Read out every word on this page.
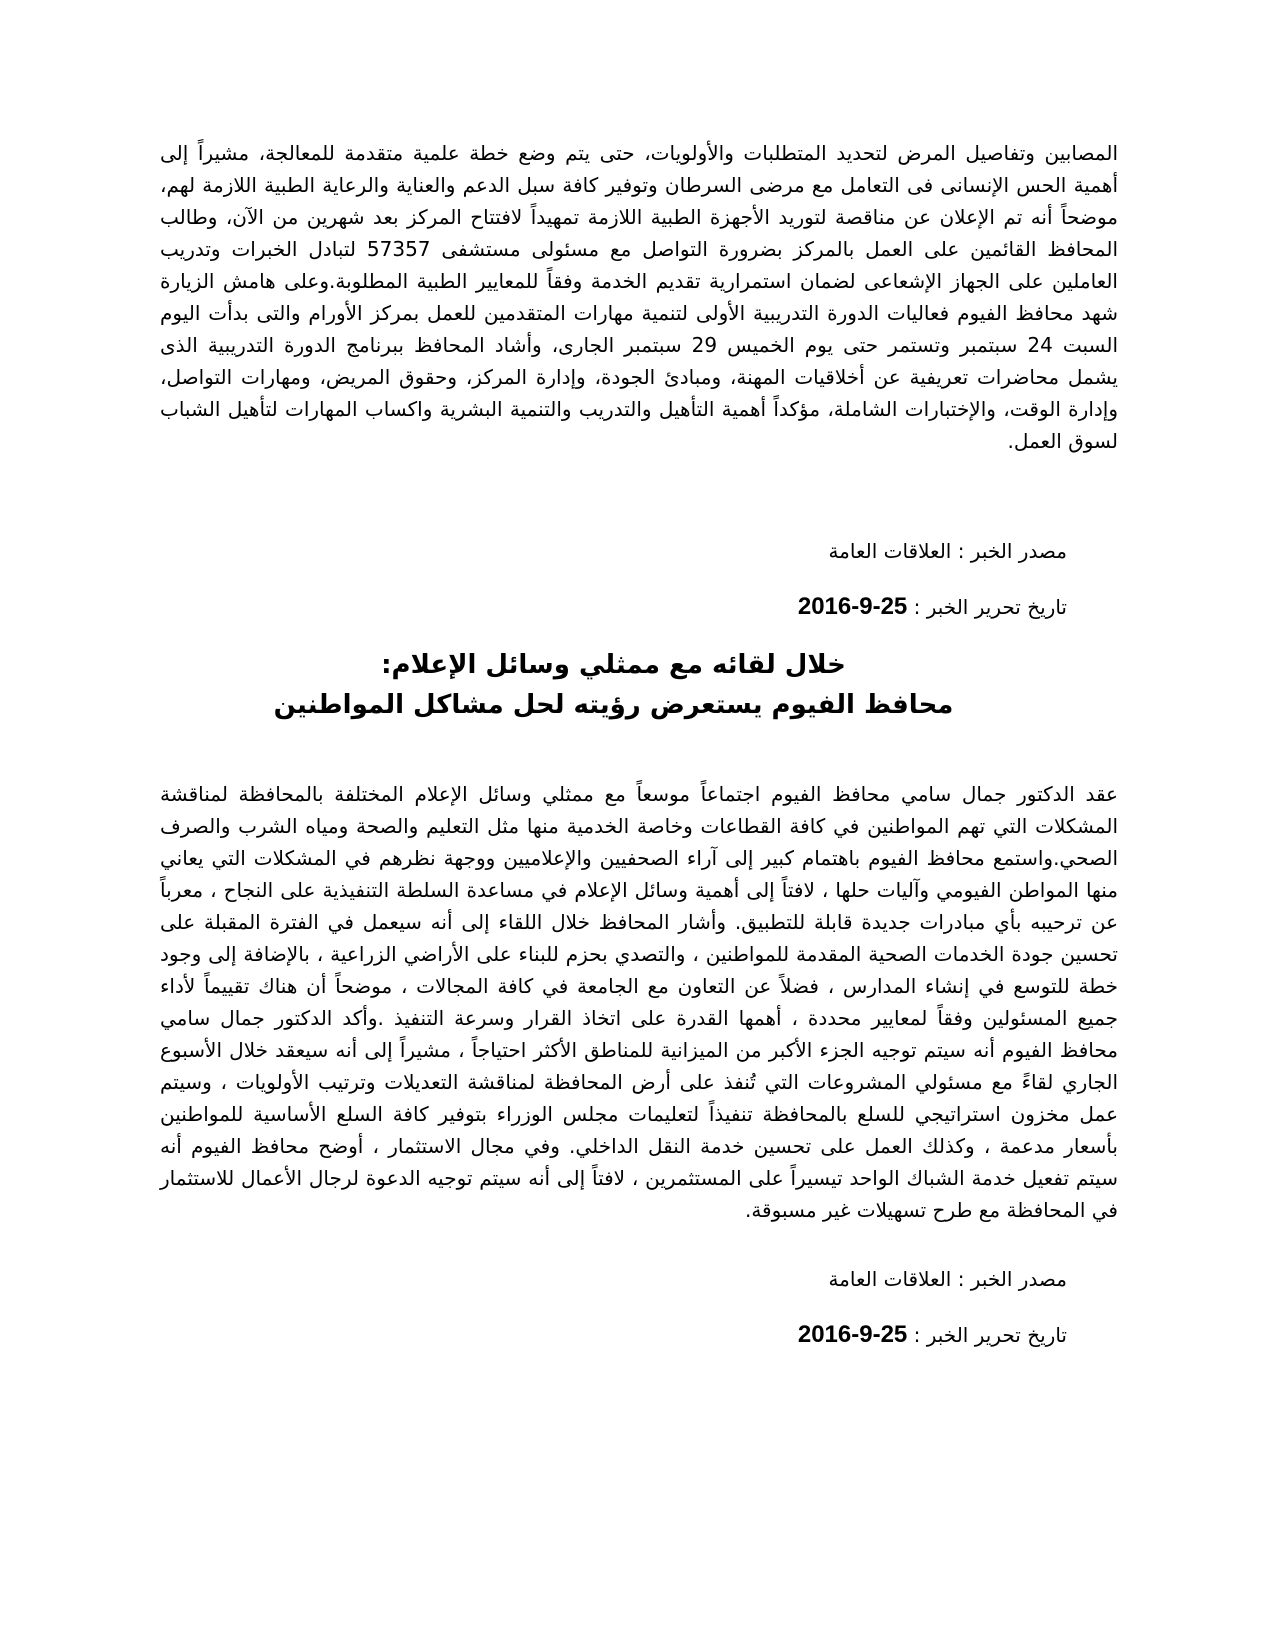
المصابين وتفاصيل المرض لتحديد المتطلبات والأولويات، حتى يتم وضع خطة علمية متقدمة للمعالجة، مشيراً إلى أهمية الحس الإنسانى فى التعامل مع مرضى السرطان وتوفير كافة سبل الدعم والعناية والرعاية الطبية اللازمة لهم، موضحاً أنه تم الإعلان عن مناقصة لتوريد الأجهزة الطبية اللازمة تمهيداً لافتتاح المركز بعد شهرين من الآن، وطالب المحافظ القائمين على العمل بالمركز بضرورة التواصل مع مسئولى مستشفى 57357 لتبادل الخبرات وتدريب العاملين على الجهاز الإشعاعى لضمان استمرارية تقديم الخدمة وفقاً للمعايير الطبية المطلوبة.وعلى هامش الزيارة شهد محافظ الفيوم فعاليات الدورة التدريبية الأولى لتنمية مهارات المتقدمين للعمل بمركز الأورام والتى بدأت اليوم السبت 24 سبتمبر وتستمر حتى يوم الخميس 29 سبتمبر الجارى، وأشاد المحافظ ببرنامج الدورة التدريبية الذى يشمل محاضرات تعريفية عن أخلاقيات المهنة، ومبادئ الجودة، وإدارة المركز، وحقوق المريض، ومهارات التواصل، وإدارة الوقت، والإختبارات الشاملة، مؤكداً أهمية التأهيل والتدريب والتنمية البشرية واكساب المهارات لتأهيل الشباب لسوق العمل.
مصدر الخبر : العلاقات العامة
تاريخ تحرير الخبر : 2016-9-25
خلال لقائه مع ممثلي وسائل الإعلام:
محافظ الفيوم يستعرض رؤيته لحل مشاكل المواطنين
عقد الدكتور جمال سامي محافظ الفيوم اجتماعاً موسعاً مع ممثلي وسائل الإعلام المختلفة بالمحافظة لمناقشة المشكلات التي تهم المواطنين في كافة القطاعات وخاصة الخدمية منها مثل التعليم والصحة ومياه الشرب والصرف الصحي.واستمع محافظ الفيوم باهتمام كبير إلى آراء الصحفيين والإعلاميين ووجهة نظرهم في المشكلات التي يعاني منها المواطن الفيومي وآليات حلها ، لافتاً إلى أهمية وسائل الإعلام في مساعدة السلطة التنفيذية على النجاح ، معرباً عن ترحيبه بأي مبادرات جديدة قابلة للتطبيق. وأشار المحافظ خلال اللقاء إلى أنه سيعمل في الفترة المقبلة على تحسين جودة الخدمات الصحية المقدمة للمواطنين ، والتصدي بحزم للبناء على الأراضي الزراعية ، بالإضافة إلى وجود خطة للتوسع في إنشاء المدارس ، فضلاً عن التعاون مع الجامعة في كافة المجالات ، موضحاً أن هناك تقييماً لأداء جميع المسئولين وفقاً لمعايير محددة ، أهمها القدرة على اتخاذ القرار وسرعة التنفيذ .وأكد الدكتور جمال سامي محافظ الفيوم أنه سيتم توجيه الجزء الأكبر من الميزانية للمناطق الأكثر احتياجاً ، مشيراً إلى أنه سيعقد خلال الأسبوع الجاري لقاءً مع مسئولي المشروعات التي تُنفذ على أرض المحافظة لمناقشة التعديلات وترتيب الأولويات ، وسيتم عمل مخزون استراتيجي للسلع بالمحافظة تنفيذاً لتعليمات مجلس الوزراء بتوفير كافة السلع الأساسية للمواطنين بأسعار مدعمة ، وكذلك العمل على تحسين خدمة النقل الداخلي. وفي مجال الاستثمار ، أوضح محافظ الفيوم أنه سيتم تفعيل خدمة الشباك الواحد تيسيراً على المستثمرين ، لافتاً إلى أنه سيتم توجيه الدعوة لرجال الأعمال للاستثمار في المحافظة مع طرح تسهيلات غير مسبوقة.
مصدر الخبر : العلاقات العامة
تاريخ تحرير الخبر : 2016-9-25
